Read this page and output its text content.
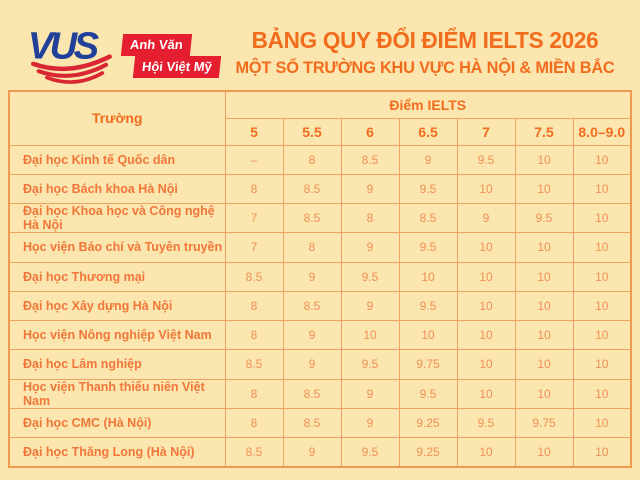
VUS	Anh Văn
Hội Việt Mỹ
BẢNG QUY ĐỔI ĐIỂM IELTS 2026
MỘT SỐ TRƯỜNG KHU VỰC HÀ NỘI & MIỀN BẮC
Trường	Điểm IELTS						
	5	5.5	6	6.5	7	7.5	8.0–9.0
Đại học Kinh tế Quốc dân	–	8	8.5	9	9.5	10	10
Đại học Bách khoa Hà Nội	8	8.5	9	9.5	10	10	10
Đại học Khoa học và Công nghệ Hà Nội	7	8.5	8	8.5	9	9.5	10
Học viện Báo chí và Tuyên truyền	7	8	9	9.5	10	10	10
Đại học Thương mại	8.5	9	9.5	10	10	10	10
Đại học Xây dựng Hà Nội	8	8.5	9	9.5	10	10	10
Học viện Nông nghiệp Việt Nam	8	9	10	10	10	10	10
Đại học Lâm nghiệp	8.5	9	9.5	9.75	10	10	10
Học viện Thanh thiếu niên Việt Nam	8	8.5	9	9.5	10	10	10
Đại học CMC (Hà Nội)	8	8.5	9	9.25	9.5	9.75	10
Đại học Thăng Long (Hà Nội)	8.5	9	9.5	9.25	10	10	10
